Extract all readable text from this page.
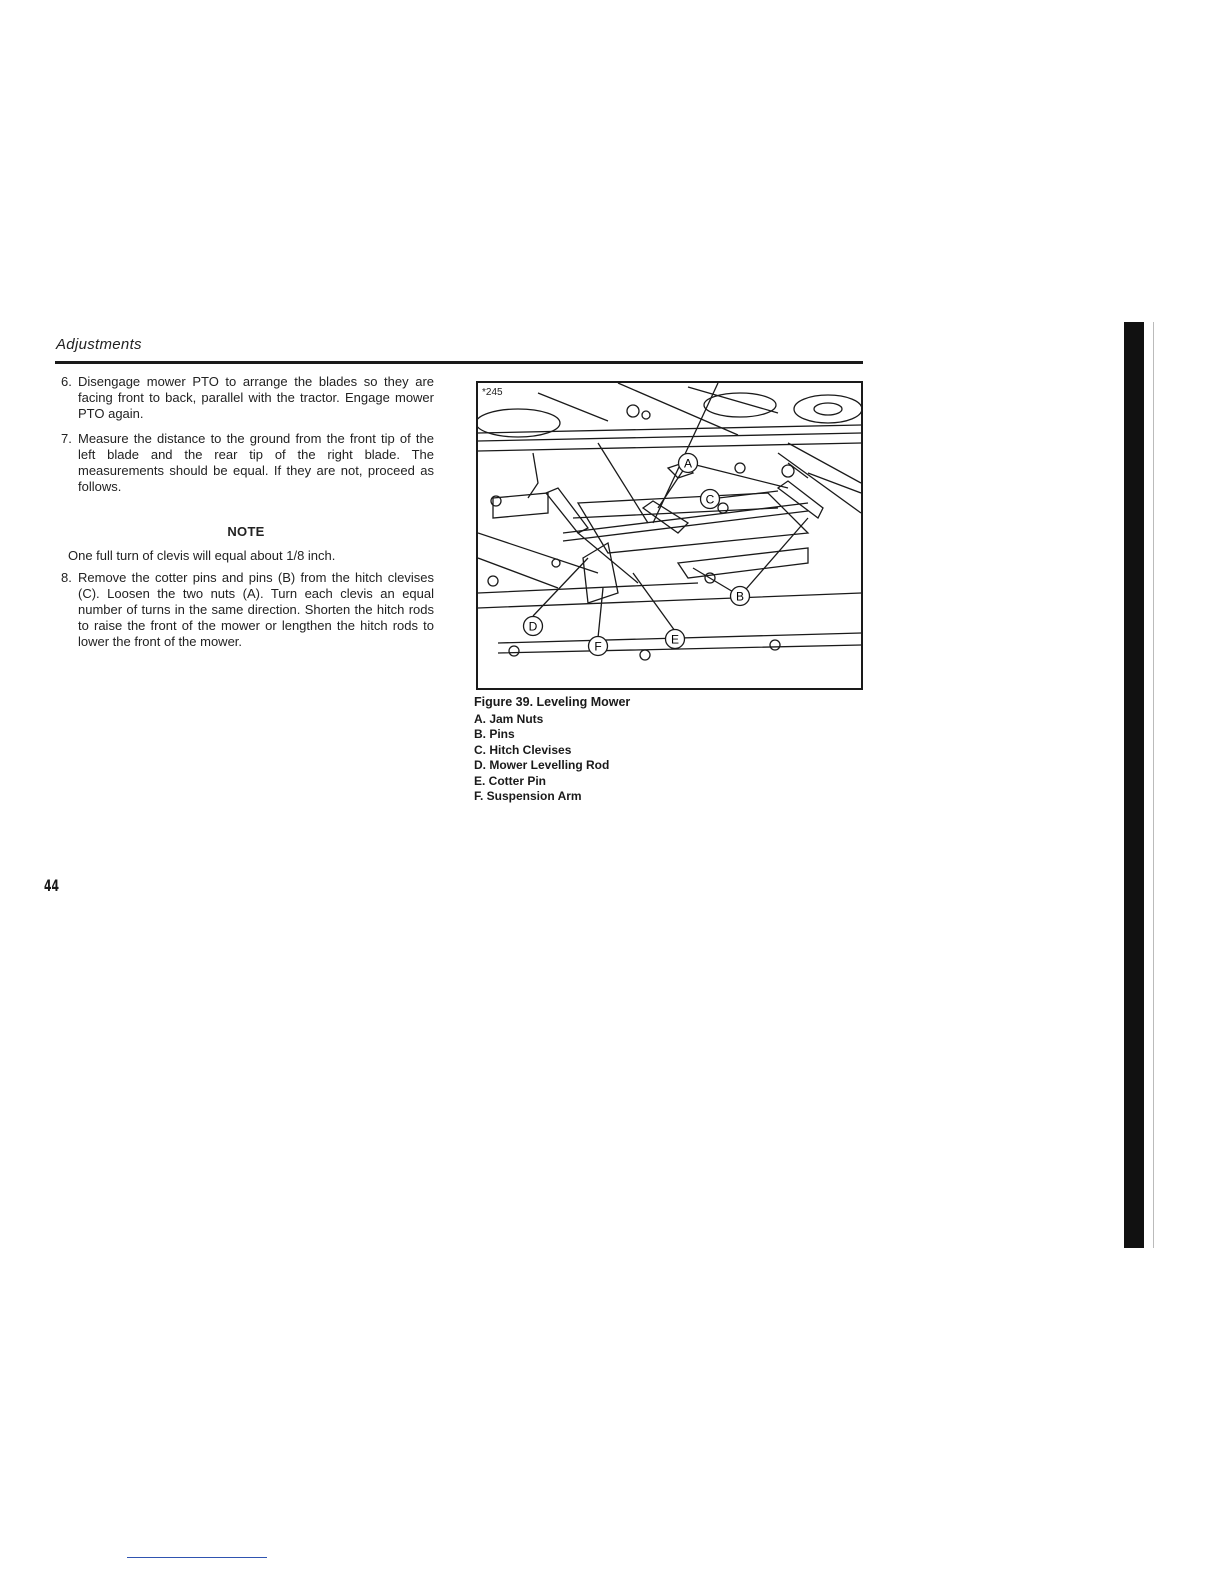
Adjustments
6. Disengage mower PTO to arrange the blades so they are facing front to back, parallel with the tractor. Engage mower PTO again.
7. Measure the distance to the ground from the front tip of the left blade and the rear tip of the right blade. The measurements should be equal. If they are not, proceed as follows.
NOTE
One full turn of clevis will equal about 1/8 inch.
8. Remove the cotter pins and pins (B) from the hitch clevises (C). Loosen the two nuts (A). Turn each clevis an equal number of turns in the same direction. Shorten the hitch rods to raise the front of the mower or lengthen the hitch rods to lower the front of the mower.
A
B
C
D
E
F
*245
Figure 39. Leveling Mower
A. Jam Nuts
B. Pins
C. Hitch Clevises
D. Mower Levelling Rod
E. Cotter Pin
F. Suspension Arm
44
